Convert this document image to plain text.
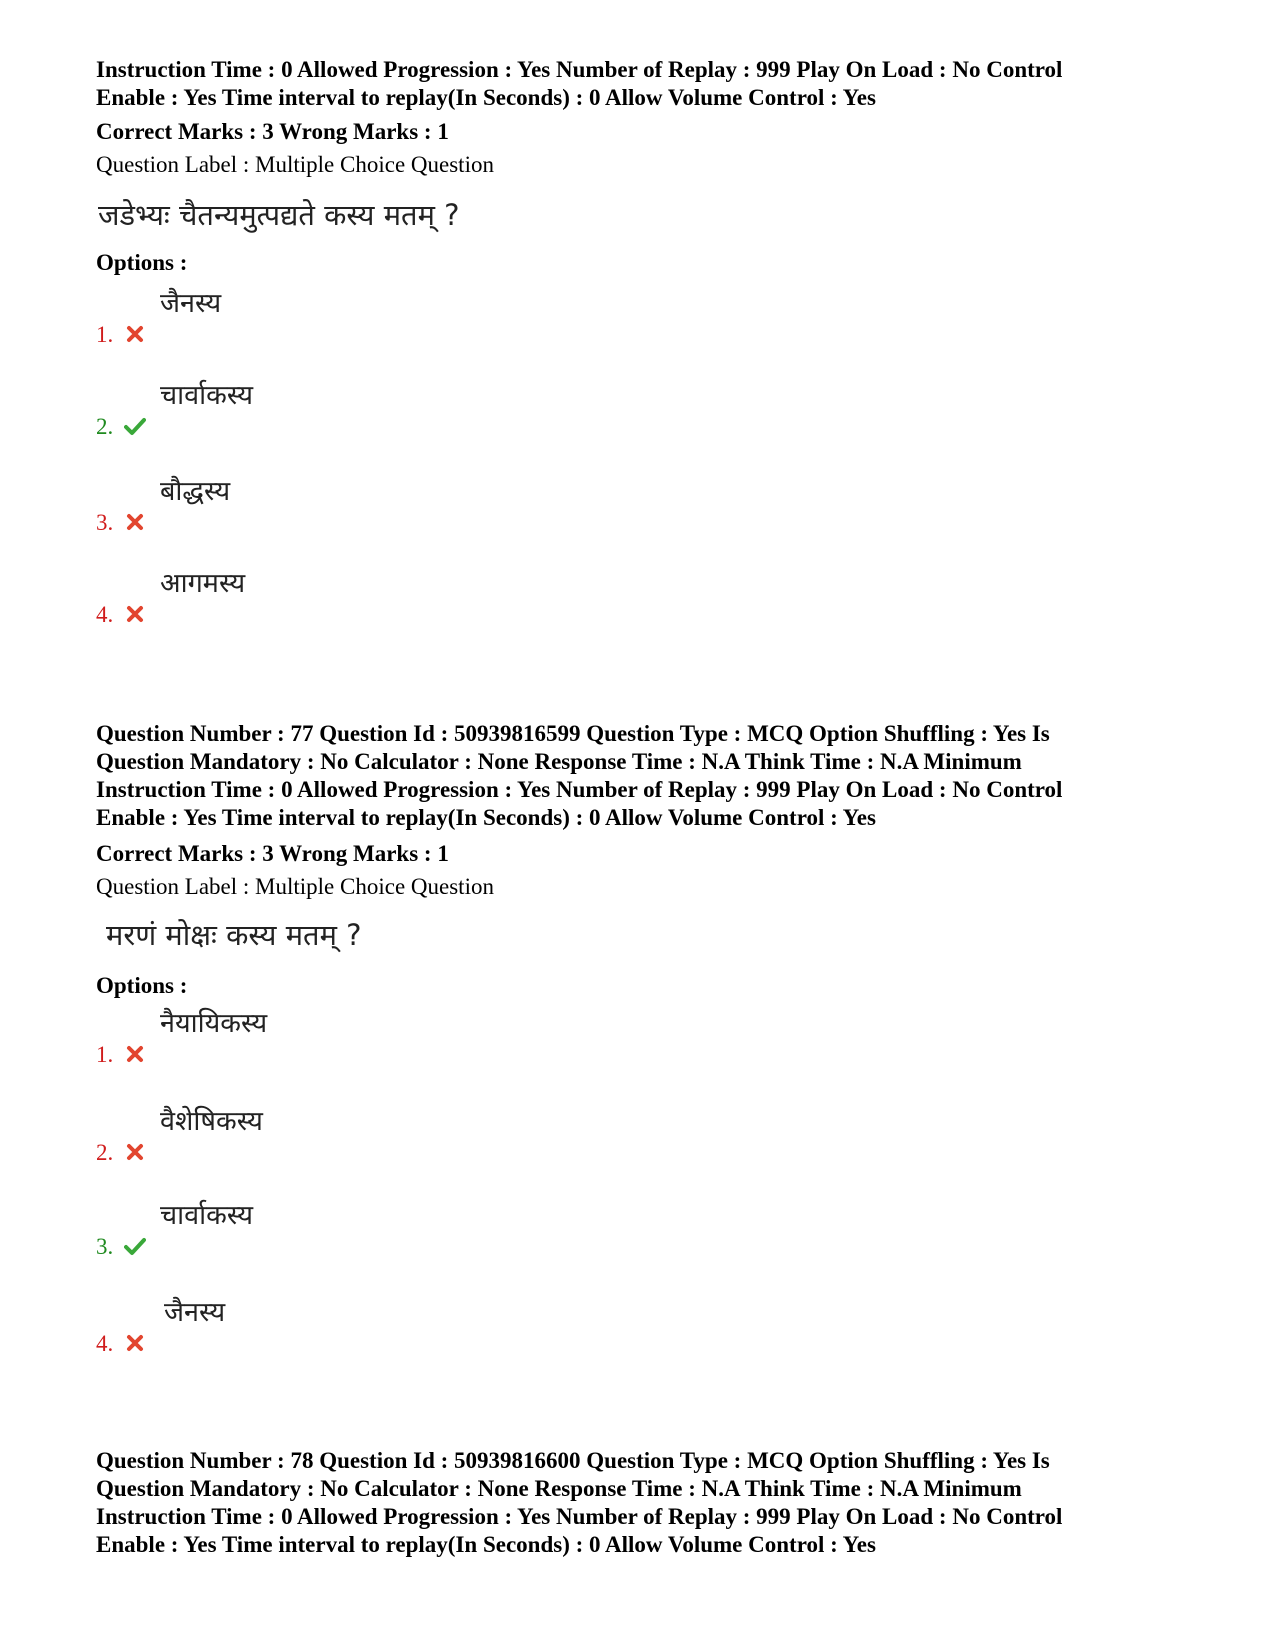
Instruction Time : 0 Allowed Progression : Yes Number of Replay : 999 Play On Load : No Control
Enable : Yes Time interval to replay(In Seconds) : 0 Allow Volume Control : Yes
Correct Marks : 3 Wrong Marks : 1
Question Label : Multiple Choice Question
जडेभ्यः चैतन्यमुत्पद्यते कस्य मतम् ?
Options :
1.
जैनस्य
2.
चार्वाकस्य
3.
बौद्धस्य
4.
आगमस्य
Question Number : 77 Question Id : 50939816599 Question Type : MCQ Option Shuffling : Yes Is
Question Mandatory : No Calculator : None Response Time : N.A Think Time : N.A Minimum
Instruction Time : 0 Allowed Progression : Yes Number of Replay : 999 Play On Load : No Control
Enable : Yes Time interval to replay(In Seconds) : 0 Allow Volume Control : Yes
Correct Marks : 3 Wrong Marks : 1
Question Label : Multiple Choice Question
मरणं मोक्षः कस्य मतम् ?
Options :
1.
नैयायिकस्य
2.
वैशेषिकस्य
3.
चार्वाकस्य
4.
जैनस्य
Question Number : 78 Question Id : 50939816600 Question Type : MCQ Option Shuffling : Yes Is
Question Mandatory : No Calculator : None Response Time : N.A Think Time : N.A Minimum
Instruction Time : 0 Allowed Progression : Yes Number of Replay : 999 Play On Load : No Control
Enable : Yes Time interval to replay(In Seconds) : 0 Allow Volume Control : Yes
